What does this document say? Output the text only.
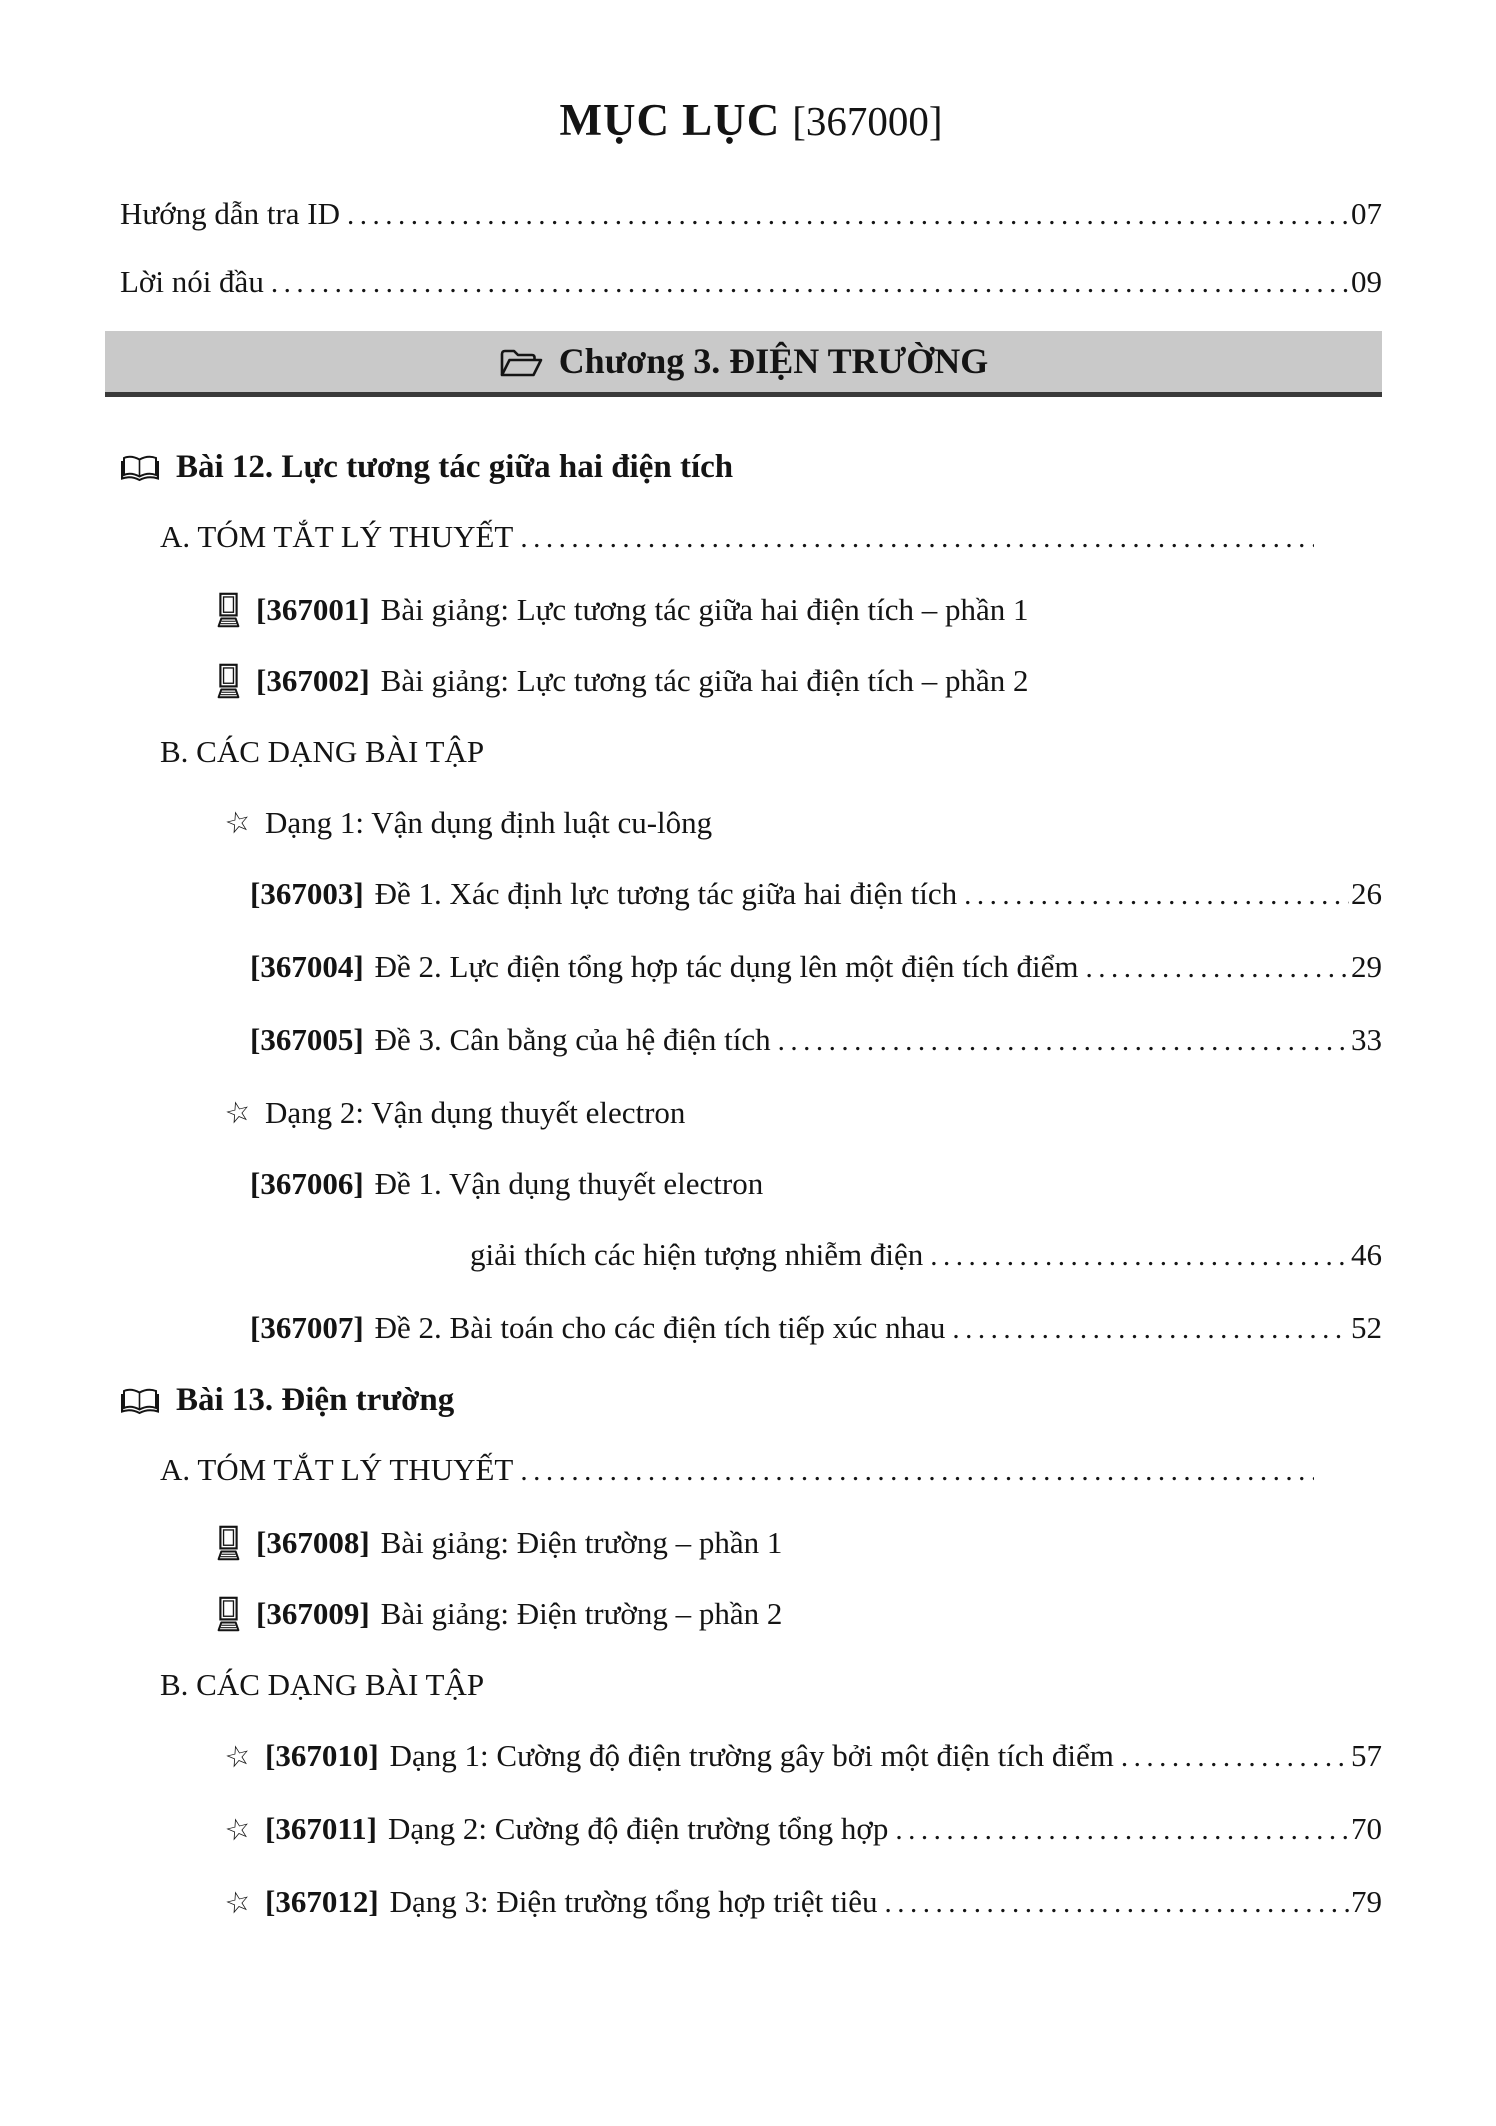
MỤC LỤC [367000]
Hướng dẫn tra ID .....	07
Lời nói đầu .....	09
Chương 3. ĐIỆN TRƯỜNG
Bài 12. Lực tương tác giữa hai điện tích
A. TÓM TẮT LÝ THUYẾT
.....
[367001] Bài giảng: Lực tương tác giữa hai điện tích – phần 1
[367002] Bài giảng: Lực tương tác giữa hai điện tích – phần 2
B. CÁC DẠNG BÀI TẬP
☆ Dạng 1: Vận dụng định luật cu-lông
[367003] Đề 1. Xác định lực tương tác giữa hai điện tích .....	26
[367004] Đề 2. Lực điện tổng hợp tác dụng lên một điện tích điểm .....	29
[367005] Đề 3. Cân bằng của hệ điện tích .....	33
☆ Dạng 2: Vận dụng thuyết electron
[367006] Đề 1. Vận dụng thuyết electron
giải thích các hiện tượng nhiễm điện .....	46
[367007] Đề 2. Bài toán cho các điện tích tiếp xúc nhau .....	52
Bài 13. Điện trường
A. TÓM TẮT LÝ THUYẾT
.....
[367008] Bài giảng: Điện trường – phần 1
[367009] Bài giảng: Điện trường – phần 2
B. CÁC DẠNG BÀI TẬP
☆ [367010] Dạng 1: Cường độ điện trường gây bởi một điện tích điểm .....	57
☆ [367011] Dạng 2: Cường độ điện trường tổng hợp .....	70
☆ [367012] Dạng 3: Điện trường tổng hợp triệt tiêu .....	79
